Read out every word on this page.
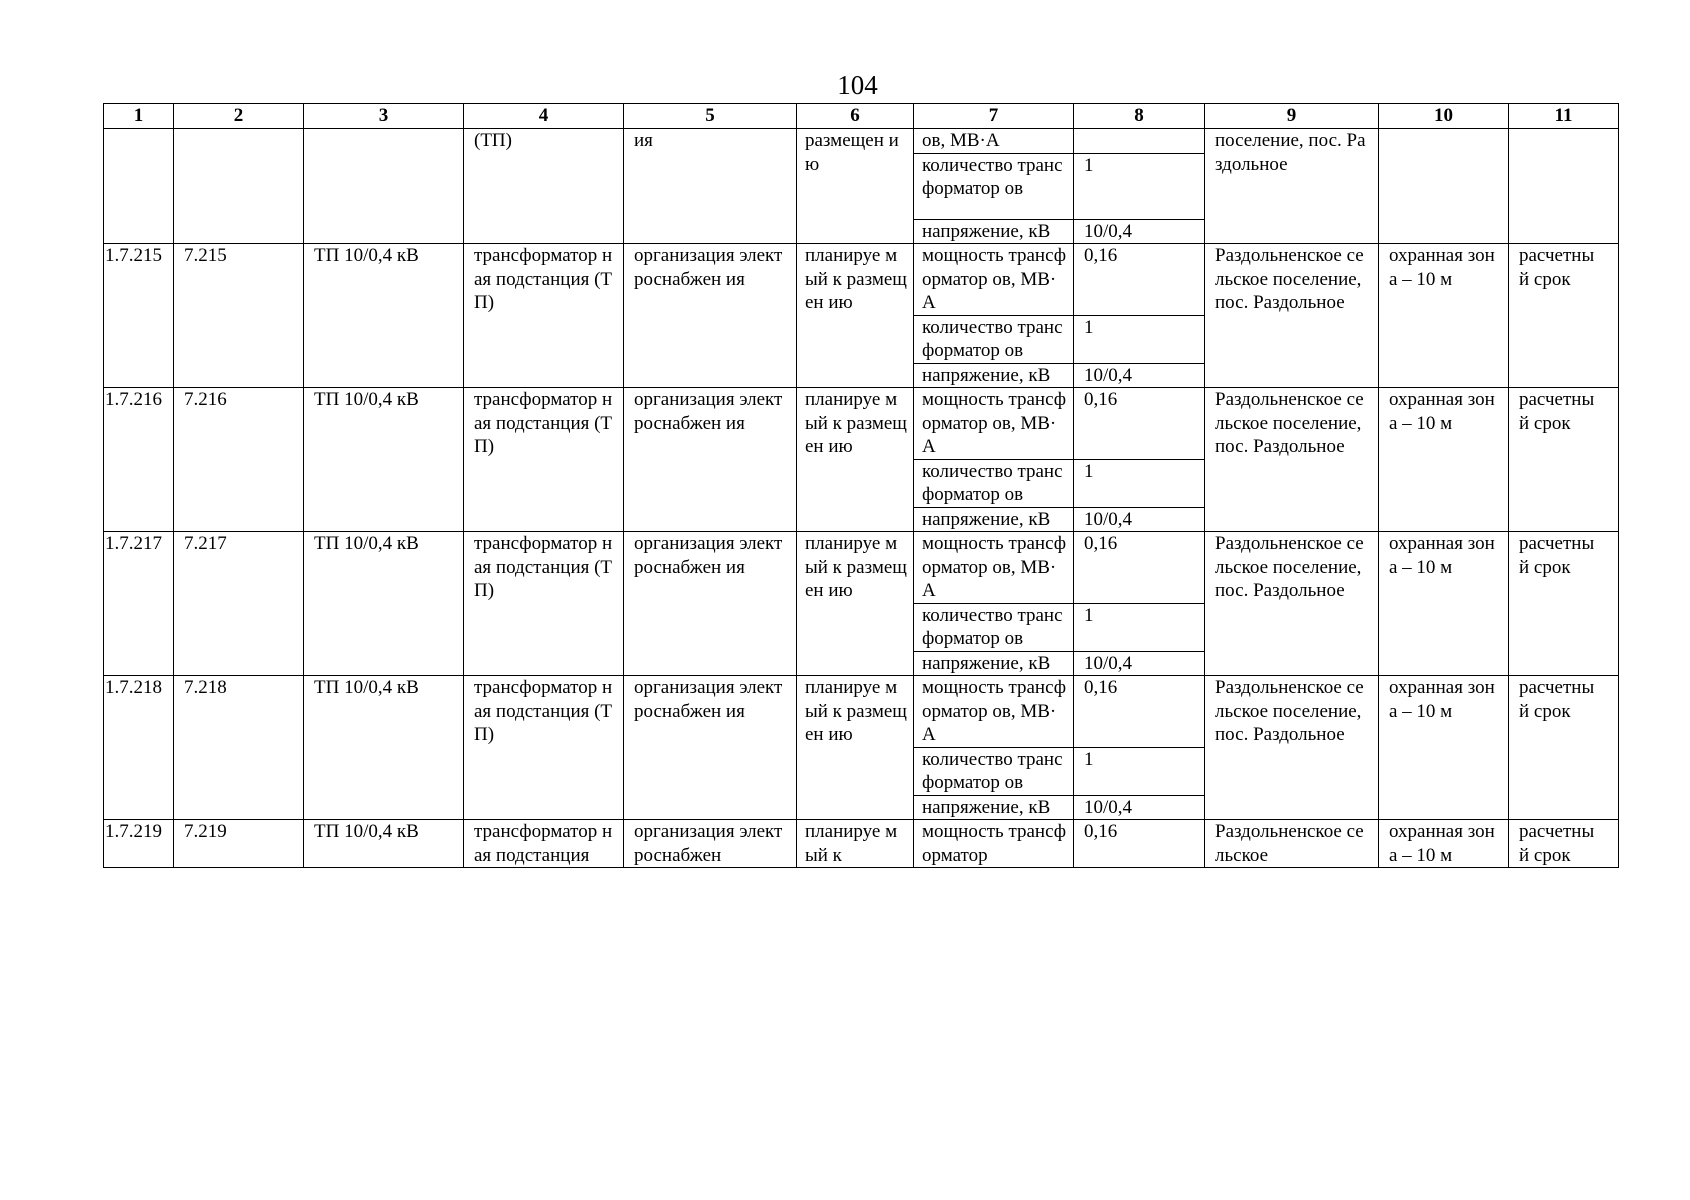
104
1	2	3	4	5	6	7	8	9	10	11
			(ТП)	ия	размещен ию	ов, МВ·А		поселение, пос. Раздольное		
						количество трансформатор ов	1			
						напряжение, кВ	10/0,4			
1.7.215	7.215	ТП 10/0,4 кВ	трансформатор ная подстанция (ТП)	организация электроснабжен ия	планируе мый к размещен ию	мощность трансформатор ов, МВ·А	0,16	Раздольненское сельское поселение, пос. Раздольное	охранная зона – 10 м	расчетны й срок
						количество трансформатор ов	1			
						напряжение, кВ	10/0,4			
1.7.216	7.216	ТП 10/0,4 кВ	трансформатор ная подстанция (ТП)	организация электроснабжен ия	планируе мый к размещен ию	мощность трансформатор ов, МВ·А	0,16	Раздольненское сельское поселение, пос. Раздольное	охранная зона – 10 м	расчетны й срок
						количество трансформатор ов	1			
						напряжение, кВ	10/0,4			
1.7.217	7.217	ТП 10/0,4 кВ	трансформатор ная подстанция (ТП)	организация электроснабжен ия	планируе мый к размещен ию	мощность трансформатор ов, МВ·А	0,16	Раздольненское сельское поселение, пос. Раздольное	охранная зона – 10 м	расчетны й срок
						количество трансформатор ов	1			
						напряжение, кВ	10/0,4			
1.7.218	7.218	ТП 10/0,4 кВ	трансформатор ная подстанция (ТП)	организация электроснабжен ия	планируе мый к размещен ию	мощность трансформатор ов, МВ·А	0,16	Раздольненское сельское поселение, пос. Раздольное	охранная зона – 10 м	расчетны й срок
						количество трансформатор ов	1			
						напряжение, кВ	10/0,4			
1.7.219	7.219	ТП 10/0,4 кВ	трансформатор ная подстанция	организация электроснабжен	планируе мый к	мощность трансформатор	0,16	Раздольненское сельское	охранная зона – 10 м	расчетны й срок
